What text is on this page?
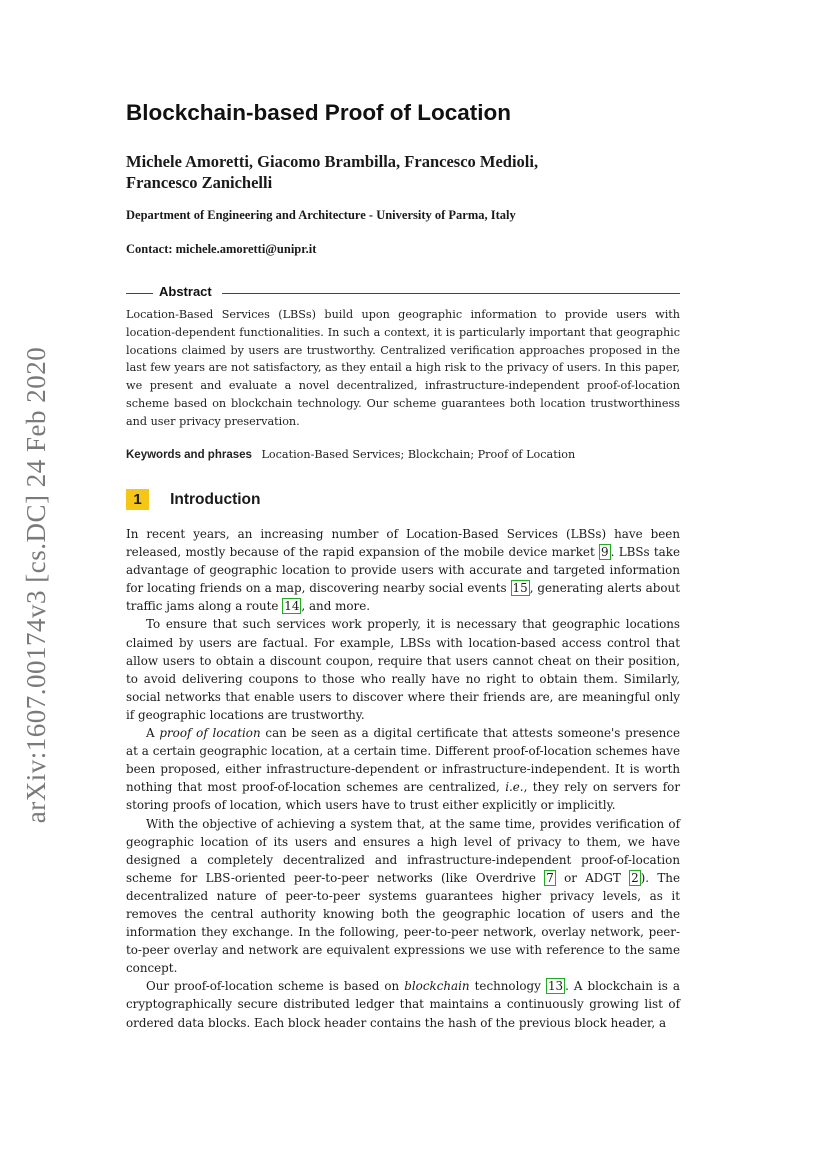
arXiv:1607.00174v3 [cs.DC] 24 Feb 2020
Blockchain-based Proof of Location
Michele Amoretti, Giacomo Brambilla, Francesco Medioli,
Francesco Zanichelli
Department of Engineering and Architecture - University of Parma, Italy
Contact: michele.amoretti@unipr.it
Abstract
Location-Based Services (LBSs) build upon geographic information to provide users with location-dependent functionalities. In such a context, it is particularly important that geographic locations claimed by users are trustworthy. Centralized verification approaches proposed in the last few years are not satisfactory, as they entail a high risk to the privacy of users. In this paper, we present and evaluate a novel decentralized, infrastructure-independent proof-of-location scheme based on blockchain technology. Our scheme guarantees both location trustworthiness and user privacy preservation.
Keywords and phrases Location-Based Services; Blockchain; Proof of Location
1 Introduction

In recent years, an increasing number of Location-Based Services (LBSs) have been released, mostly because of the rapid expansion of the mobile device market 9 . LBSs take advantage of geographic location to provide users with accurate and targeted information for locating friends on a map, discovering nearby social events 15 , generating alerts about traffic jams along a route 14 , and more.

To ensure that such services work properly, it is necessary that geographic locations claimed by users are factual. For example, LBSs with location-based access control that allow users to obtain a discount coupon, require that users cannot cheat on their position, to avoid delivering coupons to those who really have no right to obtain them. Similarly, social networks that enable users to discover where their friends are, are meaningful only if geographic locations are trustworthy.

A proof of location can be seen as a digital certificate that attests someone's presence at a certain geographic location, at a certain time. Different proof-of-location schemes have been proposed, either infrastructure-dependent or infrastructure-independent. It is worth nothing that most proof-of-location schemes are centralized, i.e., they rely on servers for storing proofs of location, which users have to trust either explicitly or implicitly.

With the objective of achieving a system that, at the same time, provides verification of geographic location of its users and ensures a high level of privacy to them, we have designed a completely decentralized and infrastructure-independent proof-of-location scheme for LBS-oriented peer-to-peer networks (like Overdrive 7 or ADGT 2 ). The decentralized nature of peer-to-peer systems guarantees higher privacy levels, as it removes the central authority knowing both the geographic location of users and the information they exchange. In the following, peer-to-peer network, overlay network, peer-to-peer overlay and network are equivalent expressions we use with reference to the same concept.

Our proof-of-location scheme is based on blockchain technology 13 . A blockchain is a cryptographically secure distributed ledger that maintains a continuously growing list of ordered data blocks. Each block header contains the hash of the previous block header, a
